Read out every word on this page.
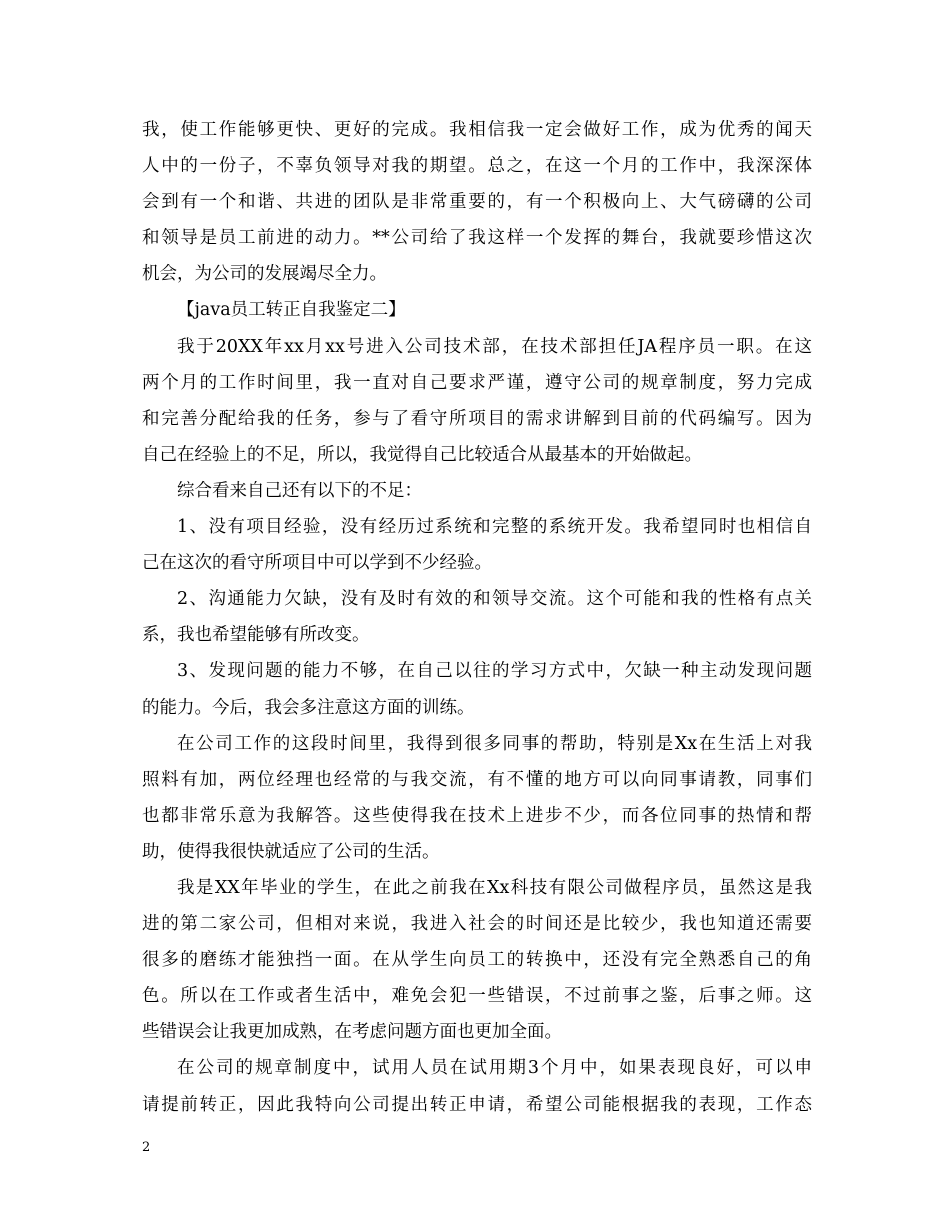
我，使工作能够更快、更好的完成。我相信我一定会做好工作，成为优秀的闻天
人中的一份子，不辜负领导对我的期望。总之，在这一个月的工作中，我深深体
会到有一个和谐、共进的团队是非常重要的，有一个积极向上、大气磅礴的公司
和领导是员工前进的动力。**公司给了我这样一个发挥的舞台，我就要珍惜这次
机会，为公司的发展竭尽全力。
【java员工转正自我鉴定二】
我于20XX年xx月xx号进入公司技术部，在技术部担任JA程序员一职。在这
两个月的工作时间里，我一直对自己要求严谨，遵守公司的规章制度，努力完成
和完善分配给我的任务，参与了看守所项目的需求讲解到目前的代码编写。因为
自己在经验上的不足，所以，我觉得自己比较适合从最基本的开始做起。
综合看来自己还有以下的不足：
1、没有项目经验，没有经历过系统和完整的系统开发。我希望同时也相信自
己在这次的看守所项目中可以学到不少经验。
2、沟通能力欠缺，没有及时有效的和领导交流。这个可能和我的性格有点关
系，我也希望能够有所改变。
3、发现问题的能力不够，在自己以往的学习方式中，欠缺一种主动发现问题
的能力。今后，我会多注意这方面的训练。
在公司工作的这段时间里，我得到很多同事的帮助，特别是Xx在生活上对我
照料有加，两位经理也经常的与我交流，有不懂的地方可以向同事请教，同事们
也都非常乐意为我解答。这些使得我在技术上进步不少，而各位同事的热情和帮
助，使得我很快就适应了公司的生活。
我是XX年毕业的学生，在此之前我在Xx科技有限公司做程序员，虽然这是我
进的第二家公司，但相对来说，我进入社会的时间还是比较少，我也知道还需要
很多的磨练才能独挡一面。在从学生向员工的转换中，还没有完全熟悉自己的角
色。所以在工作或者生活中，难免会犯一些错误，不过前事之鉴，后事之师。这
些错误会让我更加成熟，在考虑问题方面也更加全面。
在公司的规章制度中，试用人员在试用期3个月中，如果表现良好，可以申
请提前转正，因此我特向公司提出转正申请，希望公司能根据我的表现，工作态
2
